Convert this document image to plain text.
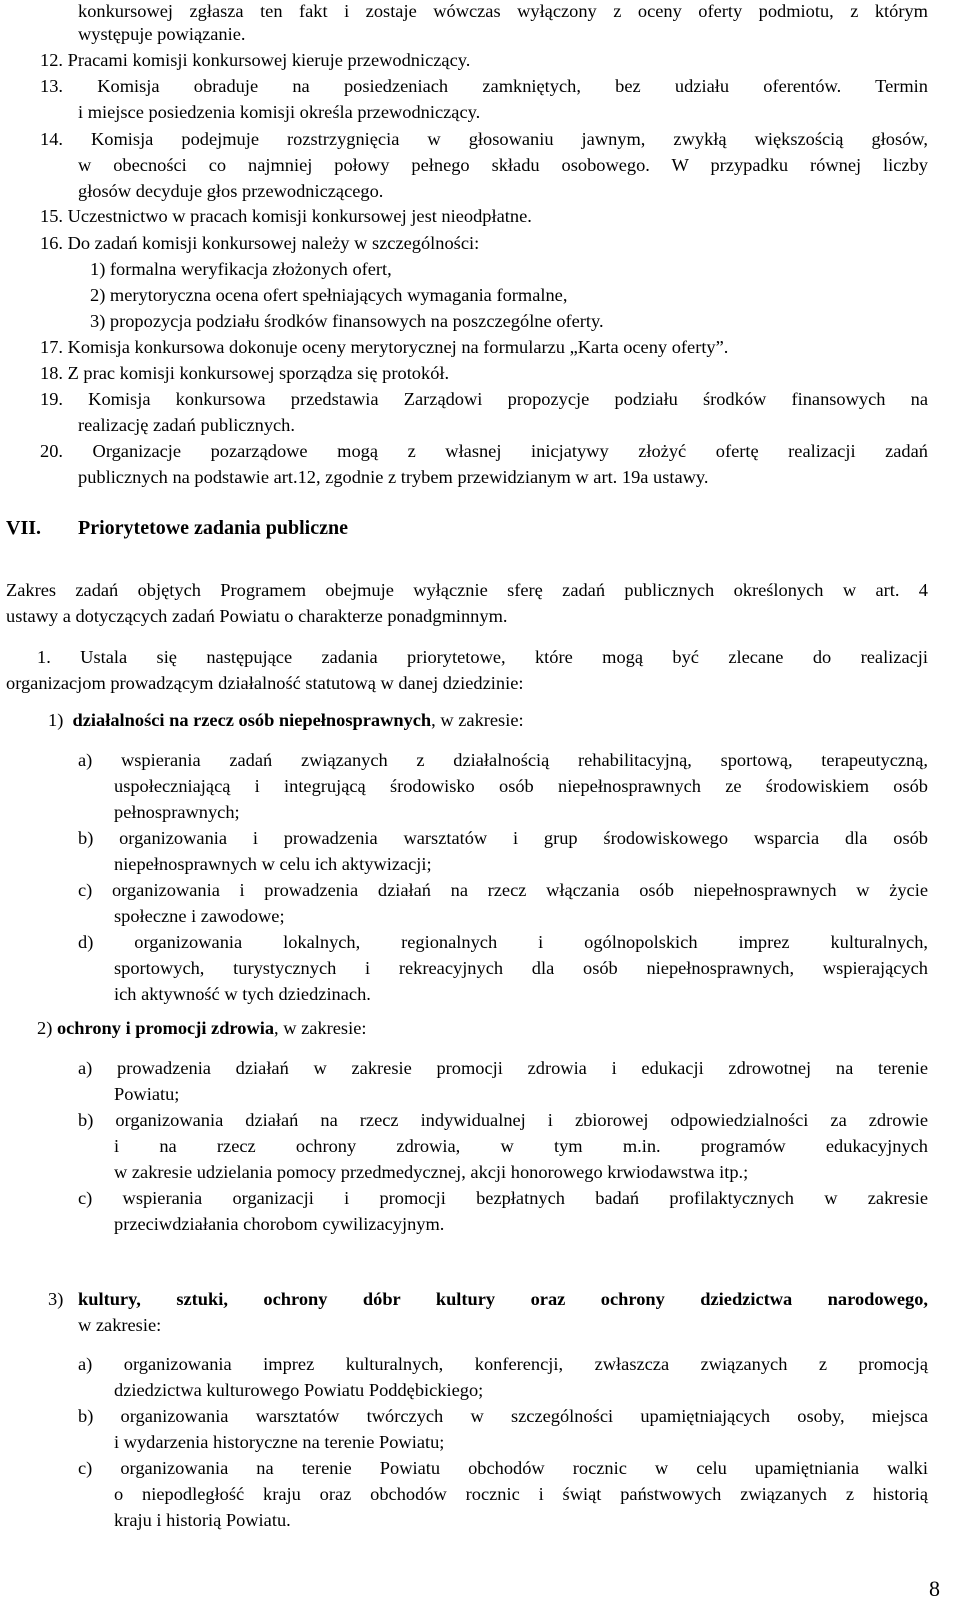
konkursowej zgłasza ten fakt i zostaje wówczas wyłączony z oceny oferty podmiotu, z którym
występuje powiązanie.
12. Pracami komisji konkursowej kieruje przewodniczący.
13. Komisja obraduje na posiedzeniach zamkniętych, bez udziału oferentów. Termin
i miejsce posiedzenia komisji określa przewodniczący.
14. Komisja podejmuje rozstrzygnięcia w głosowaniu jawnym, zwykłą większością głosów,
w obecności co najmniej połowy pełnego składu osobowego. W przypadku równej liczby
głosów decyduje głos przewodniczącego.
15. Uczestnictwo w pracach komisji konkursowej jest nieodpłatne.
16. Do zadań komisji konkursowej należy w szczególności:
1) formalna weryfikacja złożonych ofert,
2) merytoryczna ocena ofert spełniających wymagania formalne,
3) propozycja podziału środków finansowych na poszczególne oferty.
17. Komisja konkursowa dokonuje oceny merytorycznej na formularzu „Karta oceny oferty”.
18. Z prac komisji konkursowej sporządza się protokół.
19. Komisja konkursowa przedstawia Zarządowi propozycje podziału środków finansowych na
realizację zadań publicznych.
20. Organizacje pozarządowe mogą z własnej inicjatywy złożyć ofertę realizacji zadań
publicznych na podstawie art.12, zgodnie z trybem przewidzianym w art. 19a ustawy.
VII. Priorytetowe zadania publiczne
Zakres zadań objętych Programem obejmuje wyłącznie sferę zadań publicznych określonych w art. 4
ustawy a dotyczących zadań Powiatu o charakterze ponadgminnym.
1. Ustala się następujące zadania priorytetowe, które mogą być zlecane do realizacji
organizacjom prowadzącym działalność statutową w danej dziedzinie:
1) działalności na rzecz osób niepełnosprawnych, w zakresie:
a) wspierania zadań związanych z działalnością rehabilitacyjną, sportową, terapeutyczną,
uspołeczniającą i integrującą środowisko osób niepełnosprawnych ze środowiskiem osób
pełnosprawnych;
b) organizowania i prowadzenia warsztatów i grup środowiskowego wsparcia dla osób
niepełnosprawnych w celu ich aktywizacji;
c) organizowania i prowadzenia działań na rzecz włączania osób niepełnosprawnych w życie
społeczne i zawodowe;
d) organizowania lokalnych, regionalnych i ogólnopolskich imprez kulturalnych,
sportowych, turystycznych i rekreacyjnych dla osób niepełnosprawnych, wspierających
ich aktywność w tych dziedzinach.
2) ochrony i promocji zdrowia, w zakresie:
a) prowadzenia działań w zakresie promocji zdrowia i edukacji zdrowotnej na terenie
Powiatu;
b) organizowania działań na rzecz indywidualnej i zbiorowej odpowiedzialności za zdrowie
i na rzecz ochrony zdrowia, w tym m.in. programów edukacyjnych
w zakresie udzielania pomocy przedmedycznej, akcji honorowego krwiodawstwa itp.;
c) wspierania organizacji i promocji bezpłatnych badań profilaktycznych w zakresie
przeciwdziałania chorobom cywilizacyjnym.
3) kultury, sztuki, ochrony dóbr kultury oraz ochrony dziedzictwa narodowego,
w zakresie:
a) organizowania imprez kulturalnych, konferencji, zwłaszcza związanych z promocją
dziedzictwa kulturowego Powiatu Poddębickiego;
b) organizowania warsztatów twórczych w szczególności upamiętniających osoby, miejsca
i wydarzenia historyczne na terenie Powiatu;
c) organizowania na terenie Powiatu obchodów rocznic w celu upamiętniania walki
o niepodległość kraju oraz obchodów rocznic i świąt państwowych związanych z historią
kraju i historią Powiatu.
8
